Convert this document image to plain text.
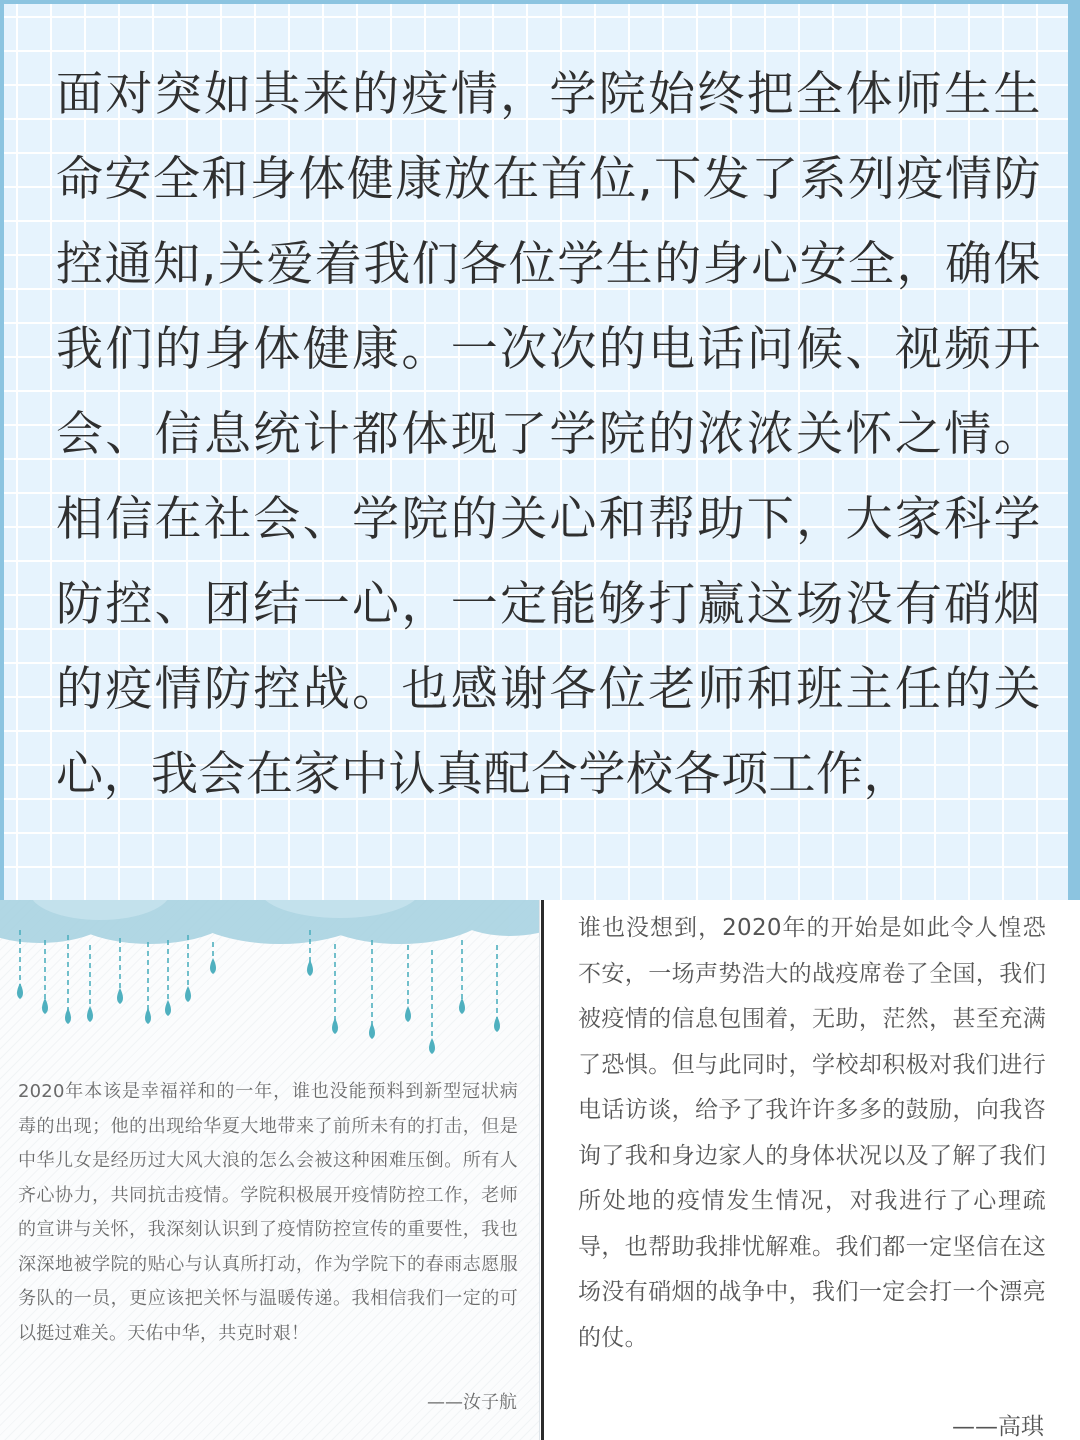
面对突如其来的疫情，学院始终把全体师生生命安全和身体健康放在首位,下发了系列疫情防控通知,关爱着我们各位学生的身心安全，确保我们的身体健康。一次次的电话问候、视频开会、信息统计都体现了学院的浓浓关怀之情。相信在社会、学院的关心和帮助下，大家科学防控、团结一心，一定能够打赢这场没有硝烟的疫情防控战。也感谢各位老师和班主任的关心，我会在家中认真配合学校各项工作，

2020年本该是幸福祥和的一年，谁也没能预料到新型冠状病毒的出现；他的出现给华夏大地带来了前所未有的打击，但是中华儿女是经历过大风大浪的怎么会被这种困难压倒。所有人齐心协力，共同抗击疫情。学院积极展开疫情防控工作，老师的宣讲与关怀，我深刻认识到了疫情防控宣传的重要性，我也深深地被学院的贴心与认真所打动，作为学院下的春雨志愿服务队的一员，更应该把关怀与温暖传递。我相信我们一定的可以挺过难关。天佑中华，共克时艰！

——汝子航

谁也没想到，2020年的开始是如此令人惶恐不安，一场声势浩大的战疫席卷了全国，我们被疫情的信息包围着，无助，茫然，甚至充满了恐惧。但与此同时，学校却积极对我们进行电话访谈，给予了我许许多多的鼓励，向我咨询了我和身边家人的身体状况以及了解了我们所处地的疫情发生情况，对我进行了心理疏导，也帮助我排忧解难。我们都一定坚信在这场没有硝烟的战争中，我们一定会打一个漂亮的仗。

——高琪
